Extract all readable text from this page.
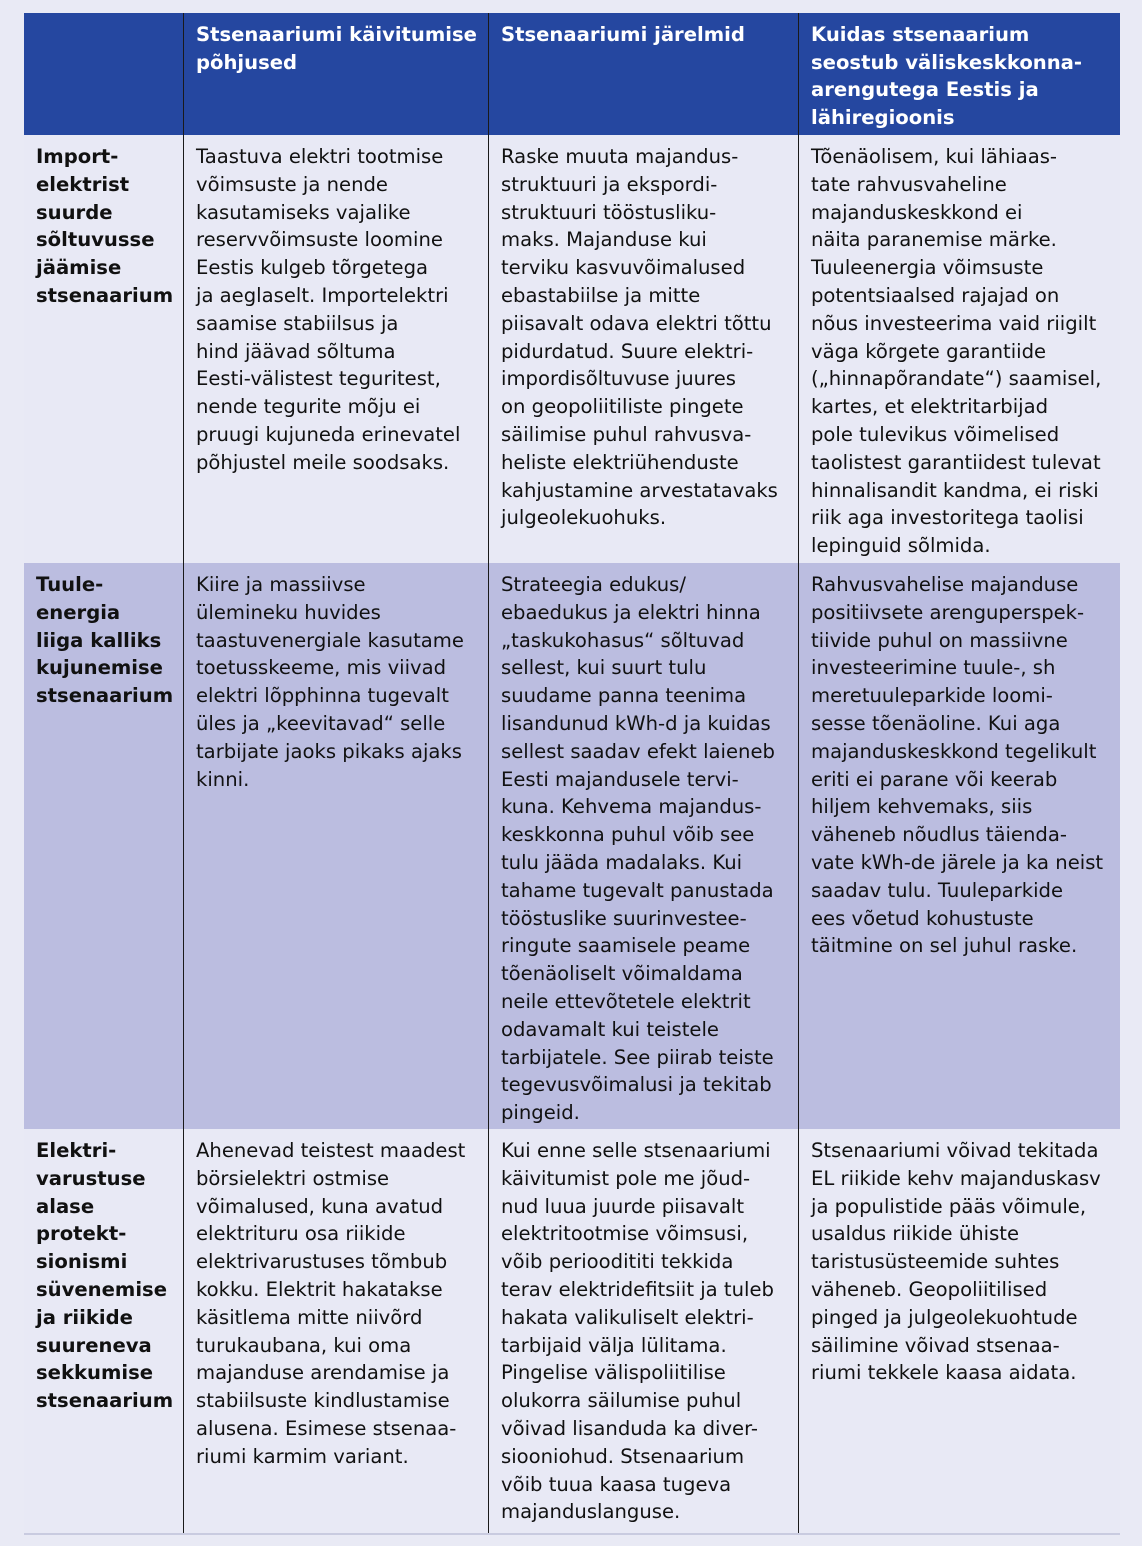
Stsenaariumi käivitumise
põhjused
Stsenaariumi järelmid	Kuidas stsenaarium
seostub väliskeskkonna-
arengutega Eestis ja
lähiregioonis
Import-
elektrist
suurde
sõltuvusse
jäämise
stsenaarium
Taastuva elektri tootmise
võimsuste ja nende
kasutamiseks vajalike
reservvõimsuste loomine
Eestis kulgeb tõrgetega
ja aeglaselt. Importelektri
saamise stabiilsus ja
hind jäävad sõltuma
Eesti-välistest teguritest,
nende tegurite mõju ei
pruugi kujuneda erinevatel
põhjustel meile soodsaks.
Raske muuta majandus-
struktuuri ja ekspordi-
struktuuri tööstusliku-
maks. Majanduse kui
terviku kasvuvõimalused
ebastabiilse ja mitte
piisavalt odava elektri tõttu
pidurdatud. Suure elektri-
impordisõltuvuse juures
on geopoliitiliste pingete
säilimise puhul rahvusva-
heliste elektriühenduste
kahjustamine arvestatavaks
julgeolekuohuks.
Tõenäolisem, kui lähiaas-
tate rahvusvaheline
majanduskeskkond ei
näita paranemise märke.
Tuuleenergia võimsuste
potentsiaalsed rajajad on
nõus investeerima vaid riigilt
väga kõrgete garantiide
(„hinnapõrandate“) saamisel,
kartes, et elektritarbijad
pole tulevikus võimelised
taolistest garantiidest tulevat
hinnalisandit kandma, ei riski
riik aga investoritega taolisi
lepinguid sõlmida.
Tuule-
energia
liiga kalliks
kujunemise
stsenaarium
Kiire ja massiivse
ülemineku huvides
taastuvenergiale kasutame
toetusskeeme, mis viivad
elektri lõpphinna tugevalt
üles ja „keevitavad“ selle
tarbijate jaoks pikaks ajaks
kinni.
Strateegia edukus/
ebaedukus ja elektri hinna
„taskukohasus“ sõltuvad
sellest, kui suurt tulu
suudame panna teenima
lisandunud kWh-d ja kuidas
sellest saadav efekt laieneb
Eesti majandusele tervi-
kuna. Kehvema majandus-
keskkonna puhul võib see
tulu jääda madalaks. Kui
tahame tugevalt panustada
tööstuslike suurinvestee-
ringute saamisele peame
tõenäoliselt võimaldama
neile ettevõtetele elektrit
odavamalt kui teistele
tarbijatele. See piirab teiste
tegevusvõimalusi ja tekitab
pingeid.
Rahvusvahelise majanduse
positiivsete arenguperspek-
tiivide puhul on massiivne
investeerimine tuule-, sh
meretuuleparkide loomi-
sesse tõenäoline. Kui aga
majanduskeskkond tegelikult
eriti ei parane või keerab
hiljem kehvemaks, siis
väheneb nõudlus täienda-
vate kWh-de järele ja ka neist
saadav tulu. Tuuleparkide
ees võetud kohustuste
täitmine on sel juhul raske.
Elektri-
varustuse
alase
protekt-
sionismi
süvenemise
ja riikide
suureneva
sekkumise
stsenaarium
Ahenevad teistest maadest
börsielektri ostmise
võimalused, kuna avatud
elektrituru osa riikide
elektrivarustuses tõmbub
kokku. Elektrit hakatakse
käsitlema mitte niivõrd
turukaubana, kui oma
majanduse arendamise ja
stabiilsuste kindlustamise
alusena. Esimese stsenaa-
riumi karmim variant.
Kui enne selle stsenaariumi
käivitumist pole me jõud-
nud luua juurde piisavalt
elektritootmise võimsusi,
võib perioodititi tekkida
terav elektridefitsiit ja tuleb
hakata valikuliselt elektri-
tarbijaid välja lülitama.
Pingelise välispoliitilise
olukorra säilumise puhul
võivad lisanduda ka diver-
siooniohud. Stsenaarium
võib tuua kaasa tugeva
majanduslanguse.
Stsenaariumi võivad tekitada
EL riikide kehv majanduskasv
ja populistide pääs võimule,
usaldus riikide ühiste
taristusüsteemide suhtes
väheneb. Geopoliitilised
pinged ja julgeolekuohtude
säilimine võivad stsenaa-
riumi tekkele kaasa aidata.
